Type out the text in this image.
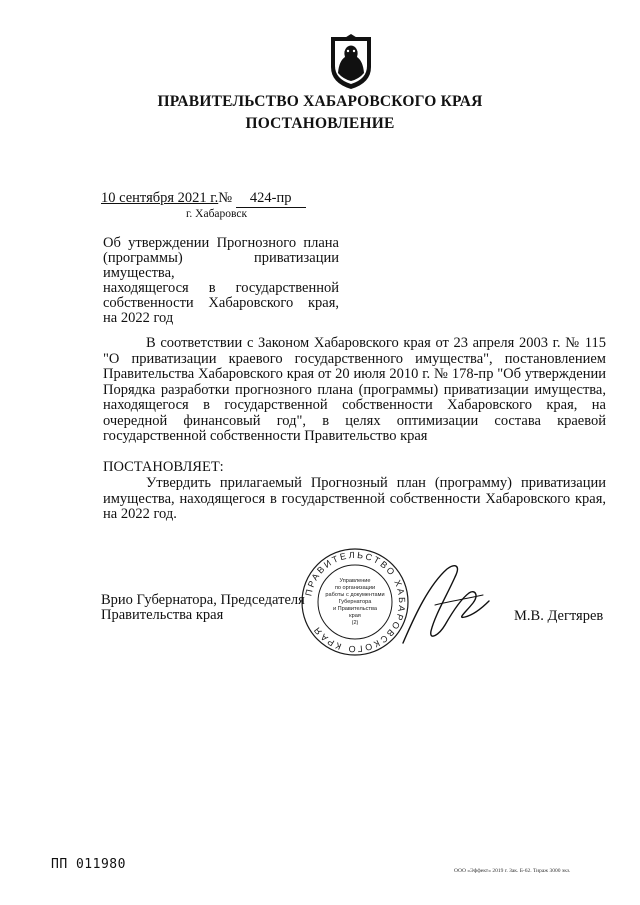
ПРАВИТЕЛЬСТВО ХАБАРОВСКОГО КРАЯ
ПОСТАНОВЛЕНИЕ
10 сентября 2021 г.№ 424-пр
г. Хабаровск
Об утверждении Прогнозного плана
(программы) приватизации имущества,
находящегося в государственной
собственности Хабаровского края,
на 2022 год
В соответствии с Законом Хабаровского края от 23 апреля 2003 г. № 115 "О приватизации краевого государственного имущества", постановлением Правительства Хабаровского края от 20 июля 2010 г. № 178-пр "Об утверждении Порядка разработки прогнозного плана (программы) приватизации имущества, находящегося в государственной собственности Хабаровского края, на очередной финансовый год", в целях оптимизации состава краевой государственной собственности Правительство края
ПОСТАНОВЛЯЕТ:
Утвердить прилагаемый Прогнозный план (программу) приватизации имущества, находящегося в государственной собственности Хабаровского края, на 2022 год.
ПРАВИТЕЛЬСТВО ХАБАРОВСКОГО КРАЯ
Управление
по организации
работы с документами
Губернатора
и Правительства
края
(2)
Врио Губернатора, Председателя
Правительства края	М.В. Дегтярев
ПП 011980	ООО «Эффект» 2019 г. Зак. Б-62. Тираж 3000 экз.
